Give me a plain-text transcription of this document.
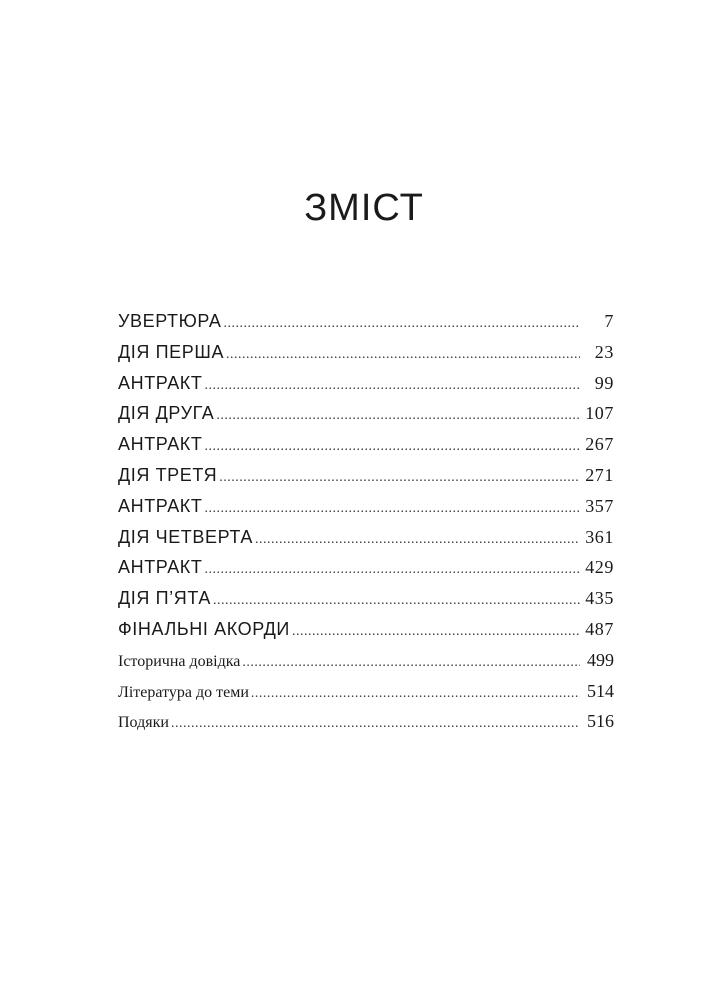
ЗМІСТ
УВЕРТЮРА .....	7
ДІЯ ПЕРША .....	23
АНТРАКТ .....	99
ДІЯ ДРУГА .....	107
АНТРАКТ .....	267
ДІЯ ТРЕТЯ .....	271
АНТРАКТ .....	357
ДІЯ ЧЕТВЕРТА .....	361
АНТРАКТ .....	429
ДІЯ П’ЯТА .....	435
ФІНАЛЬНІ АКОРДИ .....	487
Історична довідка .....	499
Література до теми .....	514
Подяки .....	516
